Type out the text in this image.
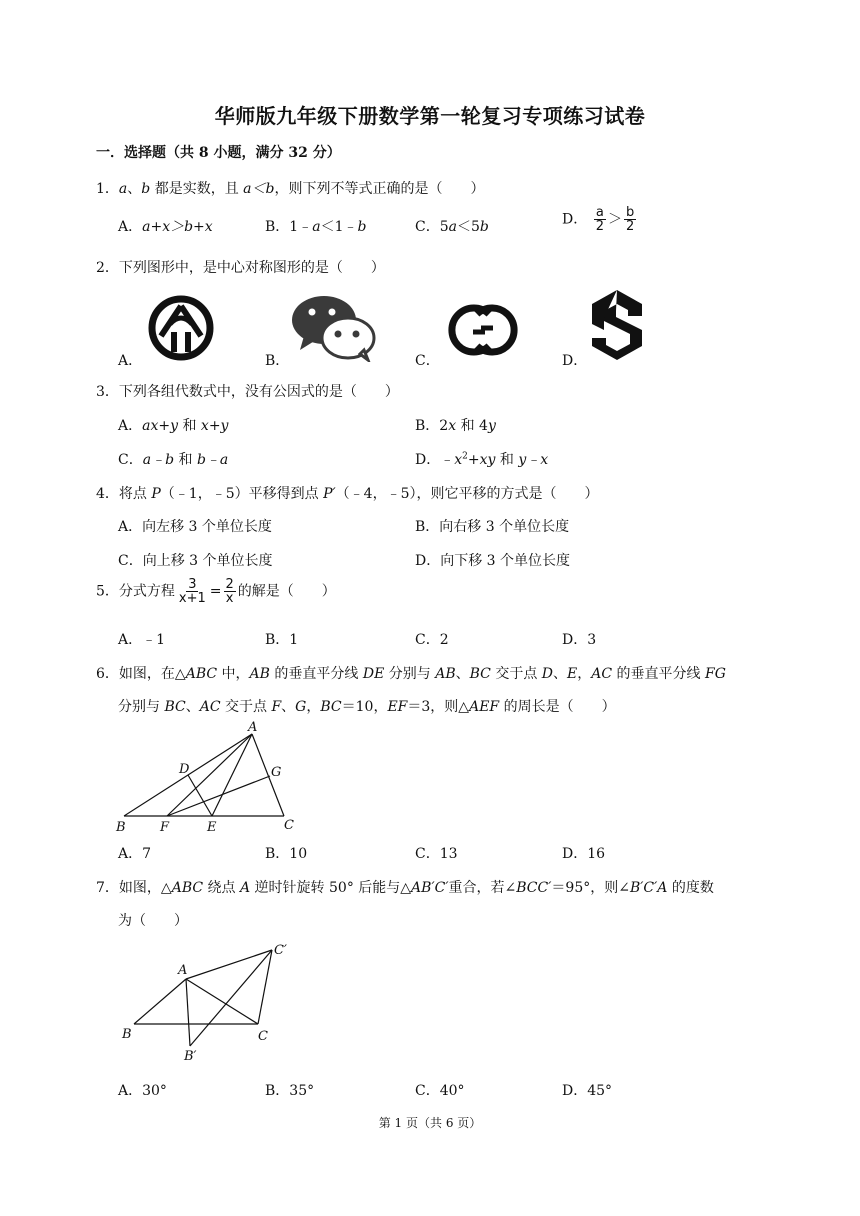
华师版九年级下册数学第一轮复习专项练习试卷
一．选择题（共 8 小题，满分 32 分）
1．a、b 都是实数，且 a＜b，则下列不等式正确的是（　　）
A．a+x＞b+x	B．1﹣a＜1﹣b	C．5a＜5b	D． $\frac{a}{2} > \frac{b}{2}$
2．下列图形中，是中心对称图形的是（　　）
A．	B．	C．	D．
3．下列各组代数式中，没有公因式的是（　　）
A．ax+y 和 x+y	B．2x 和 4y
C．a﹣b 和 b﹣a	D．$﹣x^2+xy$ 和 y﹣x
4．将点 P（﹣1，﹣5）平移得到点 P′（﹣4，﹣5），则它平移的方式是（　　）
A．向左移 3 个单位长度	B．向右移 3 个单位长度
C．向上移 3 个单位长度	D．向下移 3 个单位长度
5．分式方程 $\frac{3}{x+1} = \frac{2}{x}$ 的解是（　　）
A．﹣1	B．1	C．2	D．3
6．如图，在△ABC 中，AB 的垂直平分线 DE 分别与 AB、BC 交于点 D、E，AC 的垂直平分线 FG
分别与 BC、AC 交于点 F、G，BC＝10，EF＝3，则△AEF 的周长是（　　）
A
B	C
D
E
F
G
A．7	B．10	C．13	D．16
7．如图，△ABC 绕点 A 逆时针旋转 50° 后能与△AB′C′重合，若∠BCC′＝95°，则∠B′C′A 的度数
为（　　）
A
B	C
B′
C′
A．30°	B．35°	C．40°	D．45°
第 1 页（共 6 页）
